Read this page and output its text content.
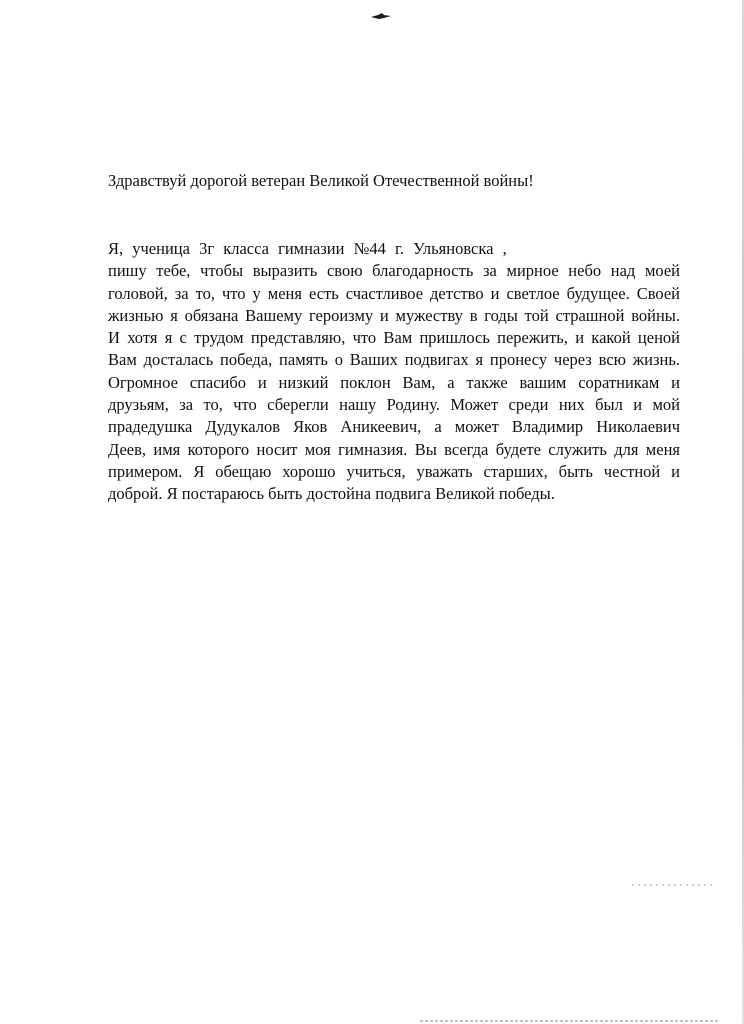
Здравствуй дорогой ветеран Великой Отечественной войны!

Я, ученица 3г класса гимназии №44 г. Ульяновска ,
пишу тебе, чтобы выразить свою благодарность за мирное небо над моей
головой, за то, что у меня есть счастливое детство и светлое будущее. Своей
жизнью я обязана Вашему героизму и мужеству в годы той страшной войны.
И хотя я с трудом представляю, что Вам пришлось пережить, и какой ценой
Вам досталась победа, память о Ваших подвигах я пронесу через всю жизнь.
Огромное спасибо и низкий поклон Вам, а также вашим соратникам и
друзьям, за то, что сберегли нашу Родину. Может среди них был и мой
прадедушка Дудукалов Яков Аникеевич, а может Владимир Николаевич
Деев, имя которого носит моя гимназия. Вы всегда будете служить для меня
примером. Я обещаю хорошо учиться, уважать старших, быть честной и
доброй. Я постараюсь быть достойна подвига Великой победы.
